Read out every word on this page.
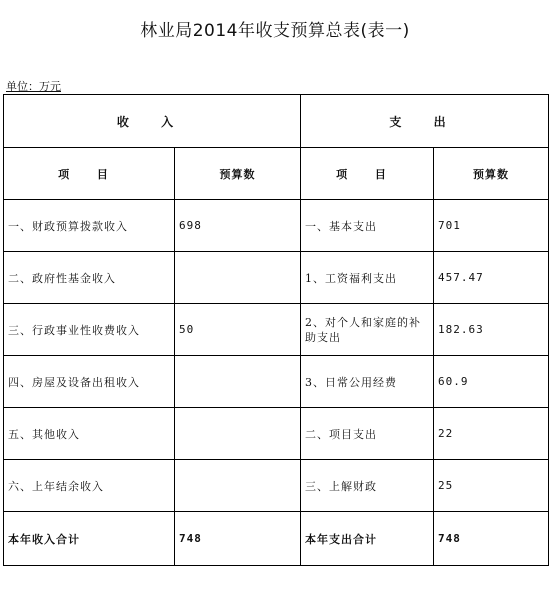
林业局2014年收支预算总表(表一)
单位：万元
收 入		支 出	
项 目	预算数	项 目	预算数
一、财政预算拨款收入	698	一、基本支出	701
二、政府性基金收入		1、工资福利支出	457.47
三、行政事业性收费收入	50	2、对个人和家庭的补助支出	182.63
四、房屋及设备出租收入		3、日常公用经费	60.9
五、其他收入		二、项目支出	22
六、上年结余收入		三、上解财政	25
本年收入合计	748	本年支出合计	748
